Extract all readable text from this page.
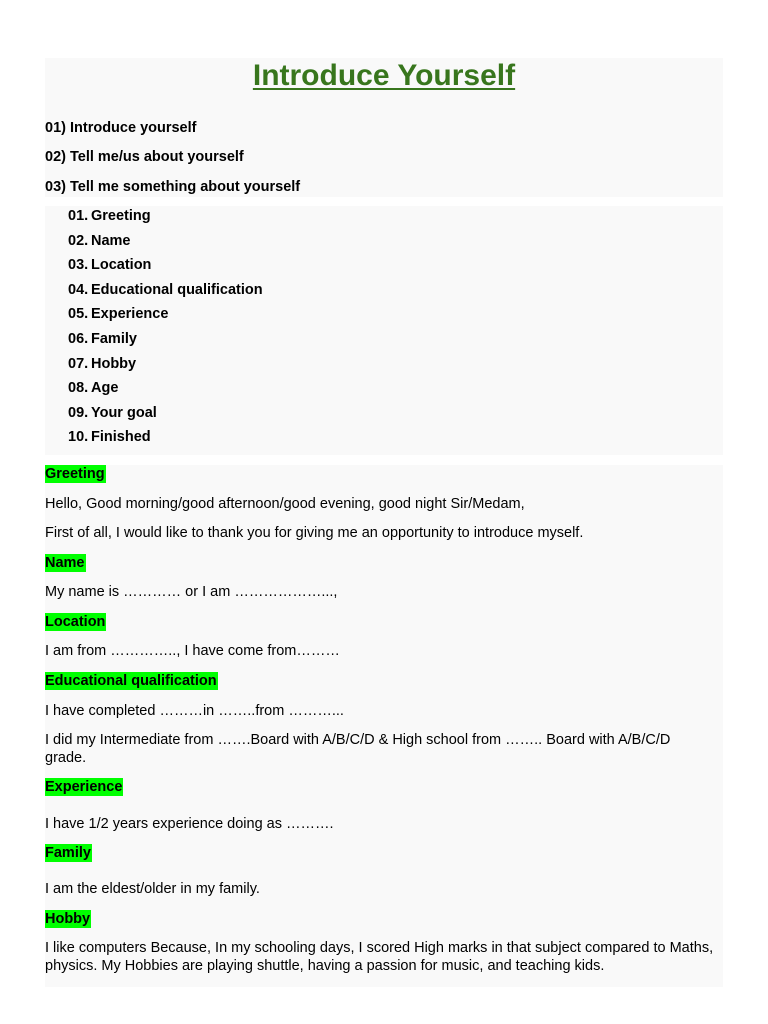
Introduce Yourself
01) Introduce yourself
02) Tell me/us about yourself
03) Tell me something about yourself
01. Greeting
02. Name
03. Location
04. Educational qualification
05. Experience
06. Family
07. Hobby
08. Age
09. Your goal
10. Finished
Greeting
Hello, Good morning/good afternoon/good evening, good night Sir/Medam,
First of all, I would like to thank you for giving me an opportunity to introduce myself.
Name
My name is ………… or I am ………………...,
Location
I am from ………….., I have come from………
Educational qualification
I have completed ………in ……..from ………...
I did my Intermediate from …….Board with A/B/C/D & High school from …….. Board with A/B/C/D grade.
Experience
I have 1/2 years experience doing as ……….
Family
I am the eldest/older in my family.
Hobby
I like computers Because, In my schooling days, I scored High marks in that subject compared to Maths, physics. My Hobbies are playing shuttle, having a passion for music, and teaching kids.
